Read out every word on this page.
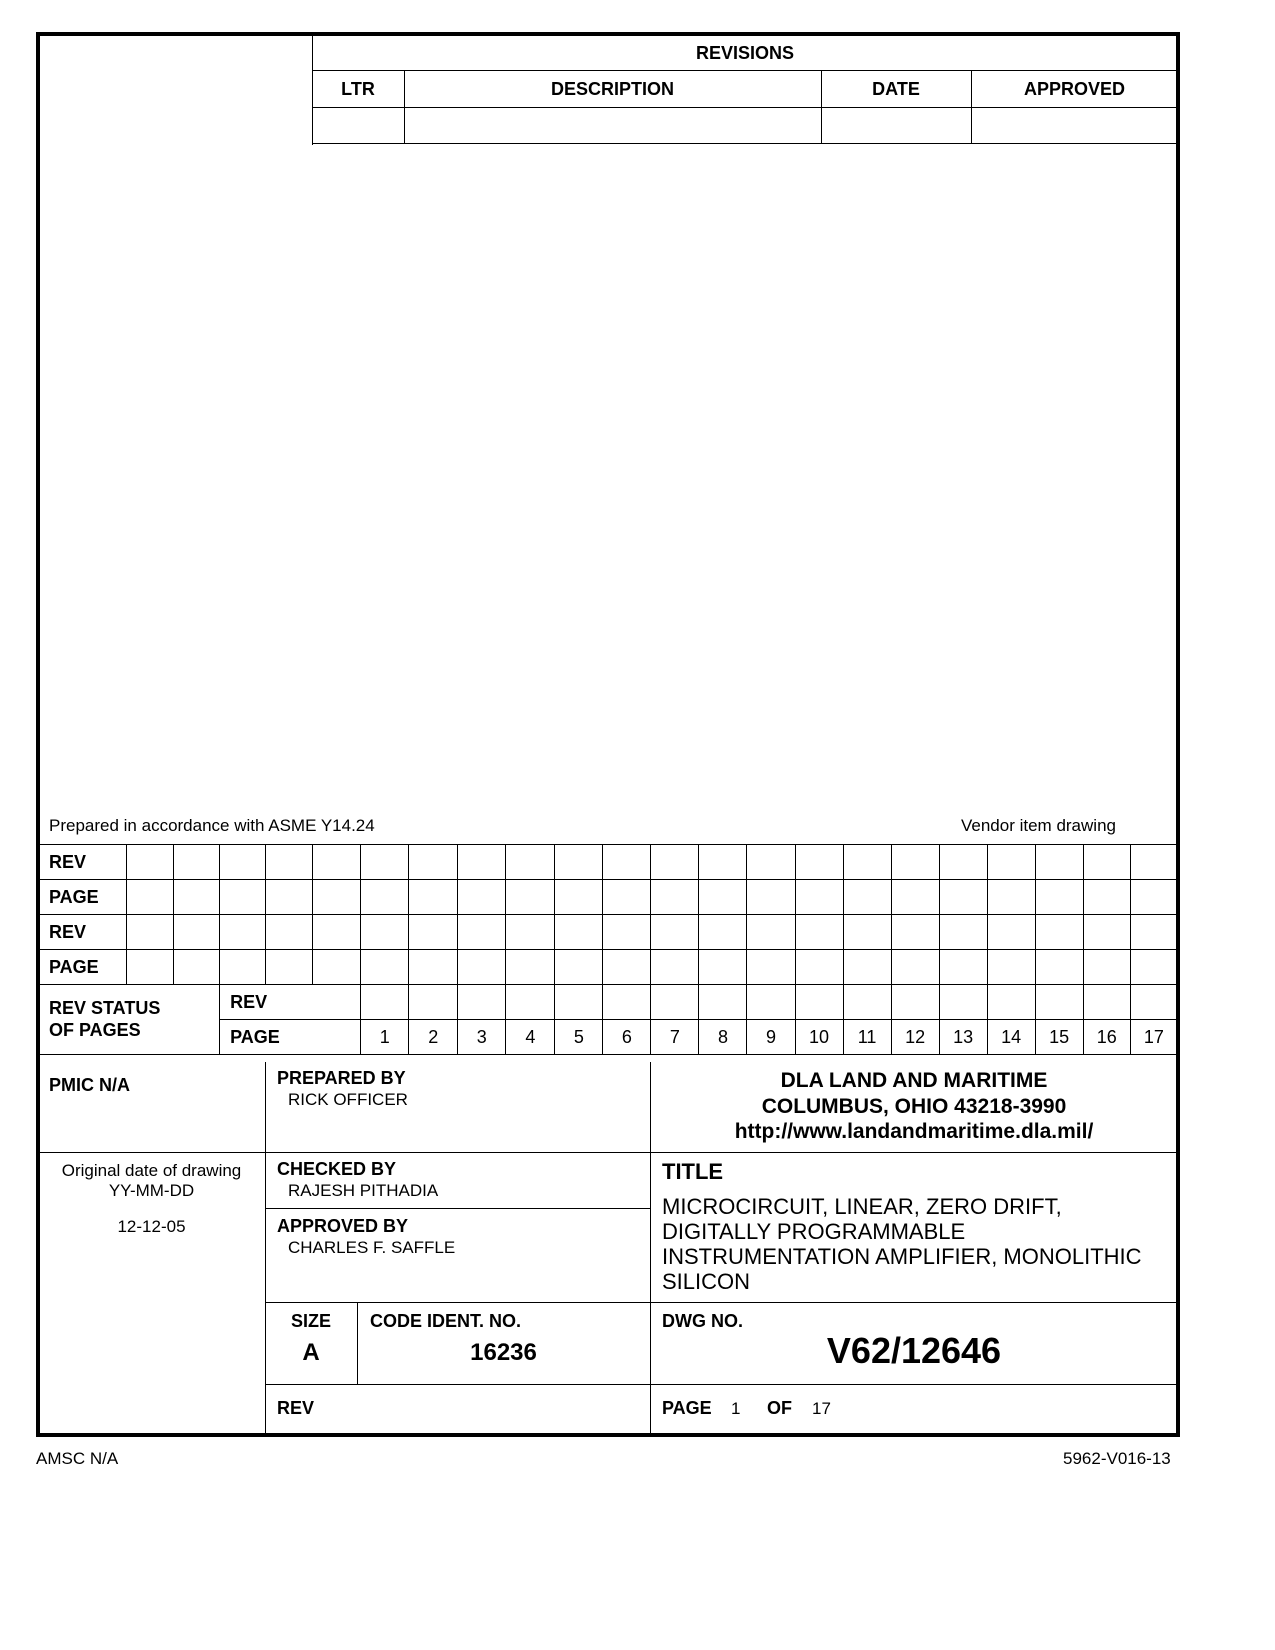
REVISIONS
LTR	DESCRIPTION	DATE	APPROVED
Prepared in accordance with ASME Y14.24	Vendor item drawing
REV																						
PAGE																						
REV																						
PAGE																						

REV STATUS
OF PAGES			REV																			
			PAGE			1	2	3	4	5	6	7	8	9	10	11	12	13	14	15	16	17
PMIC N/A
Original date of drawing
YY-MM-DD
12-12-05
PREPARED BY
RICK OFFICER
CHECKED BY
RAJESH PITHADIA
APPROVED BY
CHARLES F. SAFFLE
DLA LAND AND MARITIME
COLUMBUS, OHIO 43218-3990
http://www.landandmaritime.dla.mil/
TITLE
MICROCIRCUIT, LINEAR, ZERO DRIFT,
DIGITALLY PROGRAMMABLE
INSTRUMENTATION AMPLIFIER, MONOLITHIC
SILICON
SIZE
A
CODE IDENT. NO.
16236
DWG NO.
V62/12646
REV	PAGE 1 OF 17
AMSC N/A	5962-V016-13
